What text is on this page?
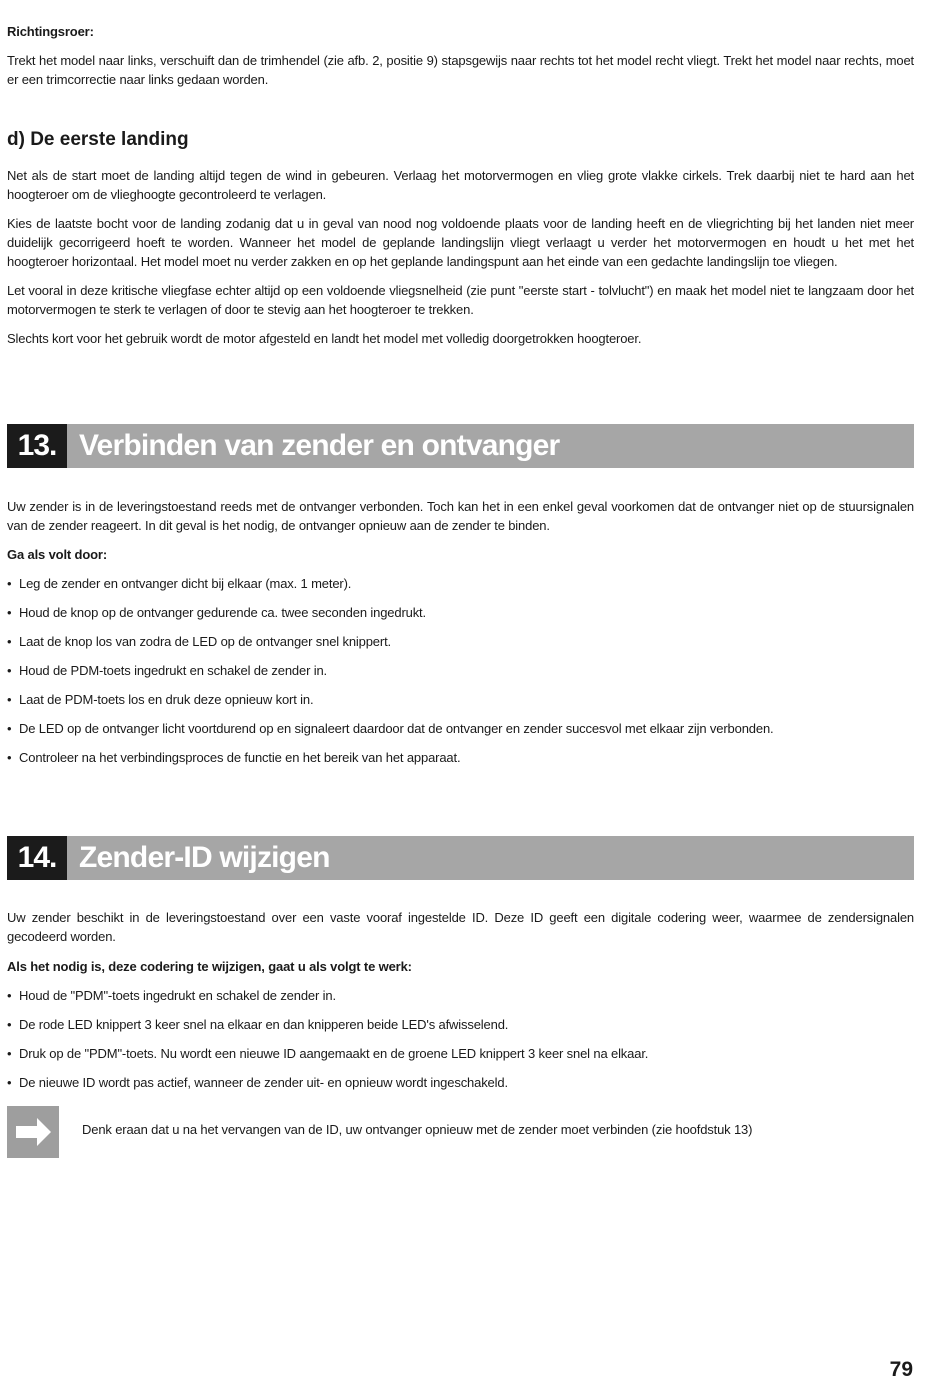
Richtingsroer:

Trekt het model naar links, verschuift dan de trimhendel (zie afb. 2, positie 9) stapsgewijs naar rechts tot het model recht vliegt. Trekt het model naar rechts, moet er een trimcorrectie naar links gedaan worden.

d) De eerste landing

Net als de start moet de landing altijd tegen de wind in gebeuren. Verlaag het motorvermogen en vlieg grote vlakke cirkels. Trek daarbij niet te hard aan het hoogteroer om de vlieghoogte gecontroleerd te verlagen.

Kies de laatste bocht voor de landing zodanig dat u in geval van nood nog voldoende plaats voor de landing heeft en de vliegrichting bij het landen niet meer duidelijk gecorrigeerd hoeft te worden. Wanneer het model de geplande landingslijn vliegt verlaagt u verder het motorvermogen en houdt u het met het hoogteroer horizontaal. Het model moet nu verder zakken en op het geplande landingspunt aan het einde van een gedachte landingslijn toe vliegen.

Let vooral in deze kritische vliegfase echter altijd op een voldoende vliegsnelheid (zie punt "eerste start - tolvlucht") en maak het model niet te langzaam door het motorvermogen te sterk te verlagen of door te stevig aan het hoogteroer te trekken.

Slechts kort voor het gebruik wordt de motor afgesteld en landt het model met volledig doorgetrokken hoogteroer.

13. Verbinden van zender en ontvanger

Uw zender is in de leveringstoestand reeds met de ontvanger verbonden. Toch kan het in een enkel geval voorkomen dat de ontvanger niet op de stuursignalen van de zender reageert. In dit geval is het nodig, de ontvanger opnieuw aan de zender te binden.

Ga als volt door:

• Leg de zender en ontvanger dicht bij elkaar (max. 1 meter).
• Houd de knop op de ontvanger gedurende ca. twee seconden ingedrukt.
• Laat de knop los van zodra de LED op de ontvanger snel knippert.
• Houd de PDM-toets ingedrukt en schakel de zender in.
• Laat de PDM-toets los en druk deze opnieuw kort in.
• De LED op de ontvanger licht voortdurend op en signaleert daardoor dat de ontvanger en zender succesvol met elkaar zijn verbonden.
• Controleer na het verbindingsproces de functie en het bereik van het apparaat.
14. Zender-ID wijzigen

Uw zender beschikt in de leveringstoestand over een vaste vooraf ingestelde ID. Deze ID geeft een digitale codering weer, waarmee de zendersignalen gecodeerd worden.

Als het nodig is, deze codering te wijzigen, gaat u als volgt te werk:

• Houd de "PDM"-toets ingedrukt en schakel de zender in.
• De rode LED knippert 3 keer snel na elkaar en dan knipperen beide LED's afwisselend.
• Druk op de "PDM"-toets. Nu wordt een nieuwe ID aangemaakt en de groene LED knippert 3 keer snel na elkaar.
• De nieuwe ID wordt pas actief, wanneer de zender uit- en opnieuw wordt ingeschakeld.
Denk eraan dat u na het vervangen van de ID, uw ontvanger opnieuw met de zender moet verbinden (zie hoofdstuk 13)
79
